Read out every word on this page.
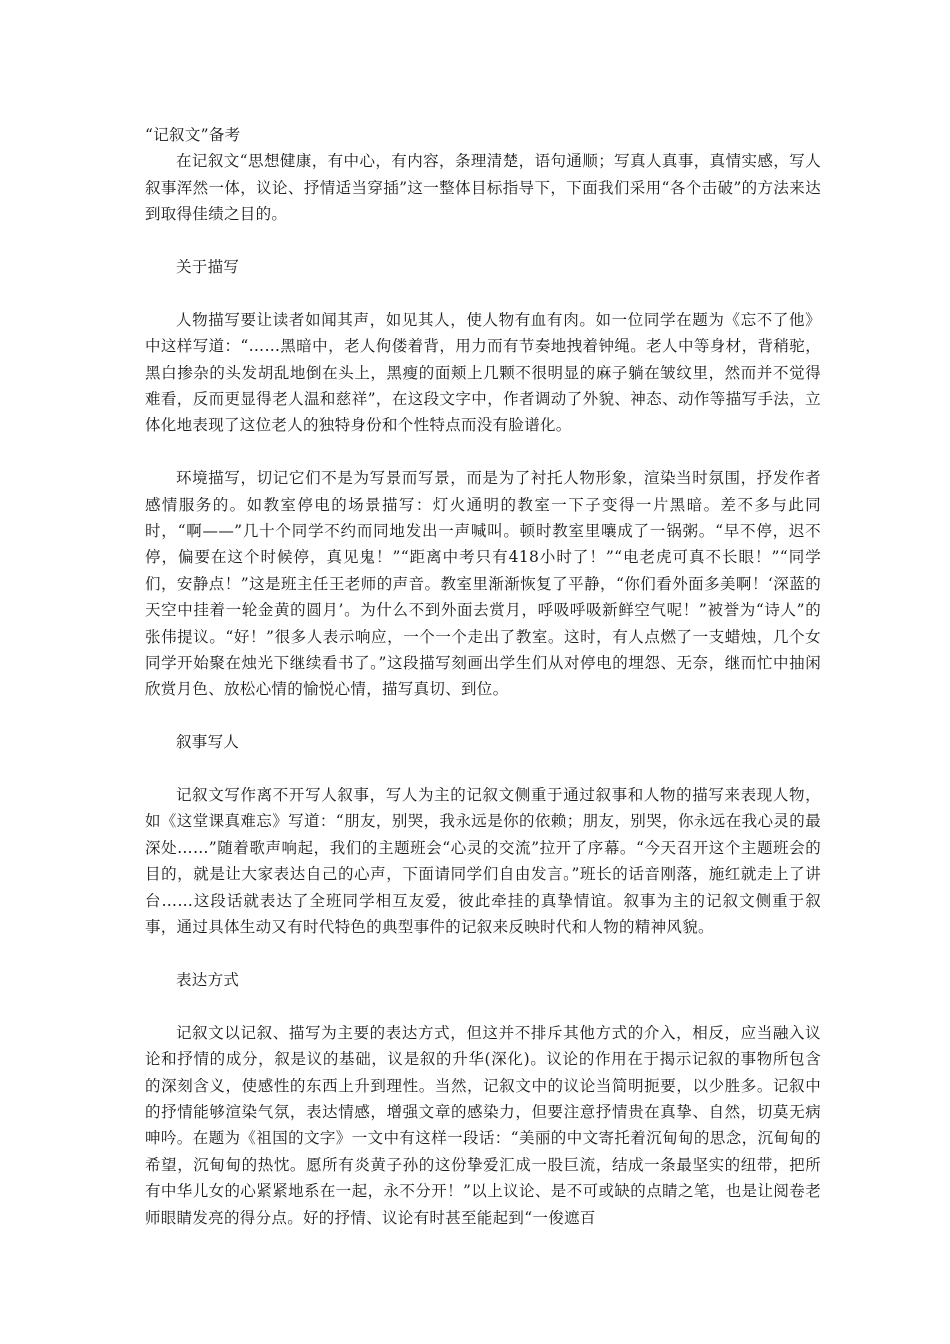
“记叙文”备考

在记叙文“思想健康，有中心，有内容，条理清楚，语句通顺；写真人真事，真情实感，写人叙事浑然一体，议论、抒情适当穿插”这一整体目标指导下，下面我们采用“各个击破”的方法来达到取得佳绩之目的。

关于描写

人物描写要让读者如闻其声，如见其人，使人物有血有肉。如一位同学在题为《忘不了他》中这样写道：“……黑暗中，老人佝偻着背，用力而有节奏地拽着钟绳。老人中等身材，背稍驼，黑白掺杂的头发胡乱地倒在头上，黑瘦的面颊上几颗不很明显的麻子躺在皱纹里，然而并不觉得难看，反而更显得老人温和慈祥”，在这段文字中，作者调动了外貌、神态、动作等描写手法，立体化地表现了这位老人的独特身份和个性特点而没有脸谱化。

环境描写，切记它们不是为写景而写景，而是为了衬托人物形象，渲染当时氛围，抒发作者感情服务的。如教室停电的场景描写：灯火通明的教室一下子变得一片黑暗。差不多与此同时，“啊——”几十个同学不约而同地发出一声喊叫。顿时教室里嚷成了一锅粥。“早不停，迟不停，偏要在这个时候停，真见鬼！”“距离中考只有418小时了！”“电老虎可真不长眼！”“同学们，安静点！”这是班主任王老师的声音。教室里渐渐恢复了平静，“你们看外面多美啊！‘深蓝的天空中挂着一轮金黄的圆月’。为什么不到外面去赏月，呼吸呼吸新鲜空气呢！”被誉为“诗人”的张伟提议。“好！”很多人表示响应，一个一个走出了教室。这时，有人点燃了一支蜡烛，几个女同学开始聚在烛光下继续看书了。”这段描写刻画出学生们从对停电的埋怨、无奈，继而忙中抽闲欣赏月色、放松心情的愉悦心情，描写真切、到位。

叙事写人

记叙文写作离不开写人叙事，写人为主的记叙文侧重于通过叙事和人物的描写来表现人物，如《这堂课真难忘》写道：“朋友，别哭，我永远是你的依赖；朋友，别哭，你永远在我心灵的最深处……”随着歌声响起，我们的主题班会“心灵的交流”拉开了序幕。“今天召开这个主题班会的目的，就是让大家表达自己的心声，下面请同学们自由发言。”班长的话音刚落，施红就走上了讲台……这段话就表达了全班同学相互友爱，彼此牵挂的真挚情谊。叙事为主的记叙文侧重于叙事，通过具体生动又有时代特色的典型事件的记叙来反映时代和人物的精神风貌。

表达方式

记叙文以记叙、描写为主要的表达方式，但这并不排斥其他方式的介入，相反，应当融入议论和抒情的成分，叙是议的基础，议是叙的升华(深化)。议论的作用在于揭示记叙的事物所包含的深刻含义，使感性的东西上升到理性。当然，记叙文中的议论当简明扼要，以少胜多。记叙中的抒情能够渲染气氛，表达情感，增强文章的感染力，但要注意抒情贵在真挚、自然，切莫无病呻吟。在题为《祖国的文字》一文中有这样一段话：“美丽的中文寄托着沉甸甸的思念，沉甸甸的希望，沉甸甸的热忱。愿所有炎黄子孙的这份挚爱汇成一股巨流，结成一条最坚实的纽带，把所有中华儿女的心紧紧地系在一起，永不分开！”以上议论、是不可或缺的点睛之笔，也是让阅卷老师眼睛发亮的得分点。好的抒情、议论有时甚至能起到“一俊遮百
